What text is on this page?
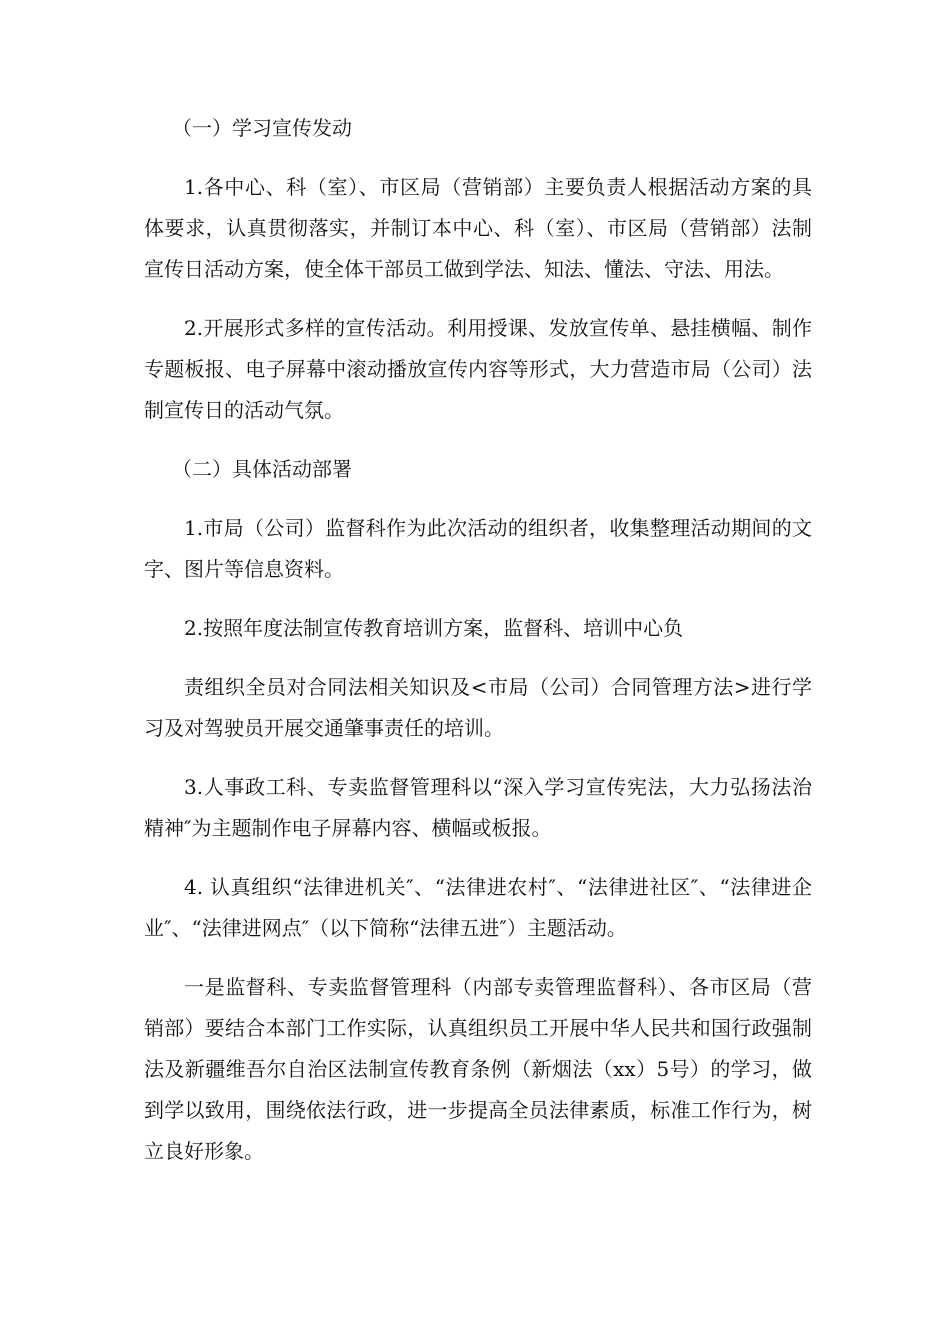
（一）学习宣传发动

1.各中心、科（室）、市区局（营销部）主要负责人根据活动方案的具体要求，认真贯彻落实，并制订本中心、科（室）、市区局（营销部）法制宣传日活动方案，使全体干部员工做到学法、知法、懂法、守法、用法。

2.开展形式多样的宣传活动。利用授课、发放宣传单、悬挂横幅、制作专题板报、电子屏幕中滚动播放宣传内容等形式，大力营造市局（公司）法制宣传日的活动气氛。

（二）具体活动部署

1.市局（公司）监督科作为此次活动的组织者，收集整理活动期间的文字、图片等信息资料。

2.按照年度法制宣传教育培训方案，监督科、培训中心负

责组织全员对合同法相关知识及<市局（公司）合同管理方法>进行学习及对驾驶员开展交通肇事责任的培训。

3.人事政工科、专卖监督管理科以“深入学习宣传宪法，大力弘扬法治精神″为主题制作电子屏幕内容、横幅或板报。

4. 认真组织“法律进机关″、“法律进农村″、“法律进社区″、“法律进企业″、“法律进网点″（以下简称“法律五进″）主题活动。

一是监督科、专卖监督管理科（内部专卖管理监督科）、各市区局（营销部）要结合本部门工作实际，认真组织员工开展中华人民共和国行政强制法及新疆维吾尔自治区法制宣传教育条例（新烟法（xx）5号）的学习，做到学以致用，围绕依法行政，进一步提高全员法律素质，标准工作行为，树立良好形象。
